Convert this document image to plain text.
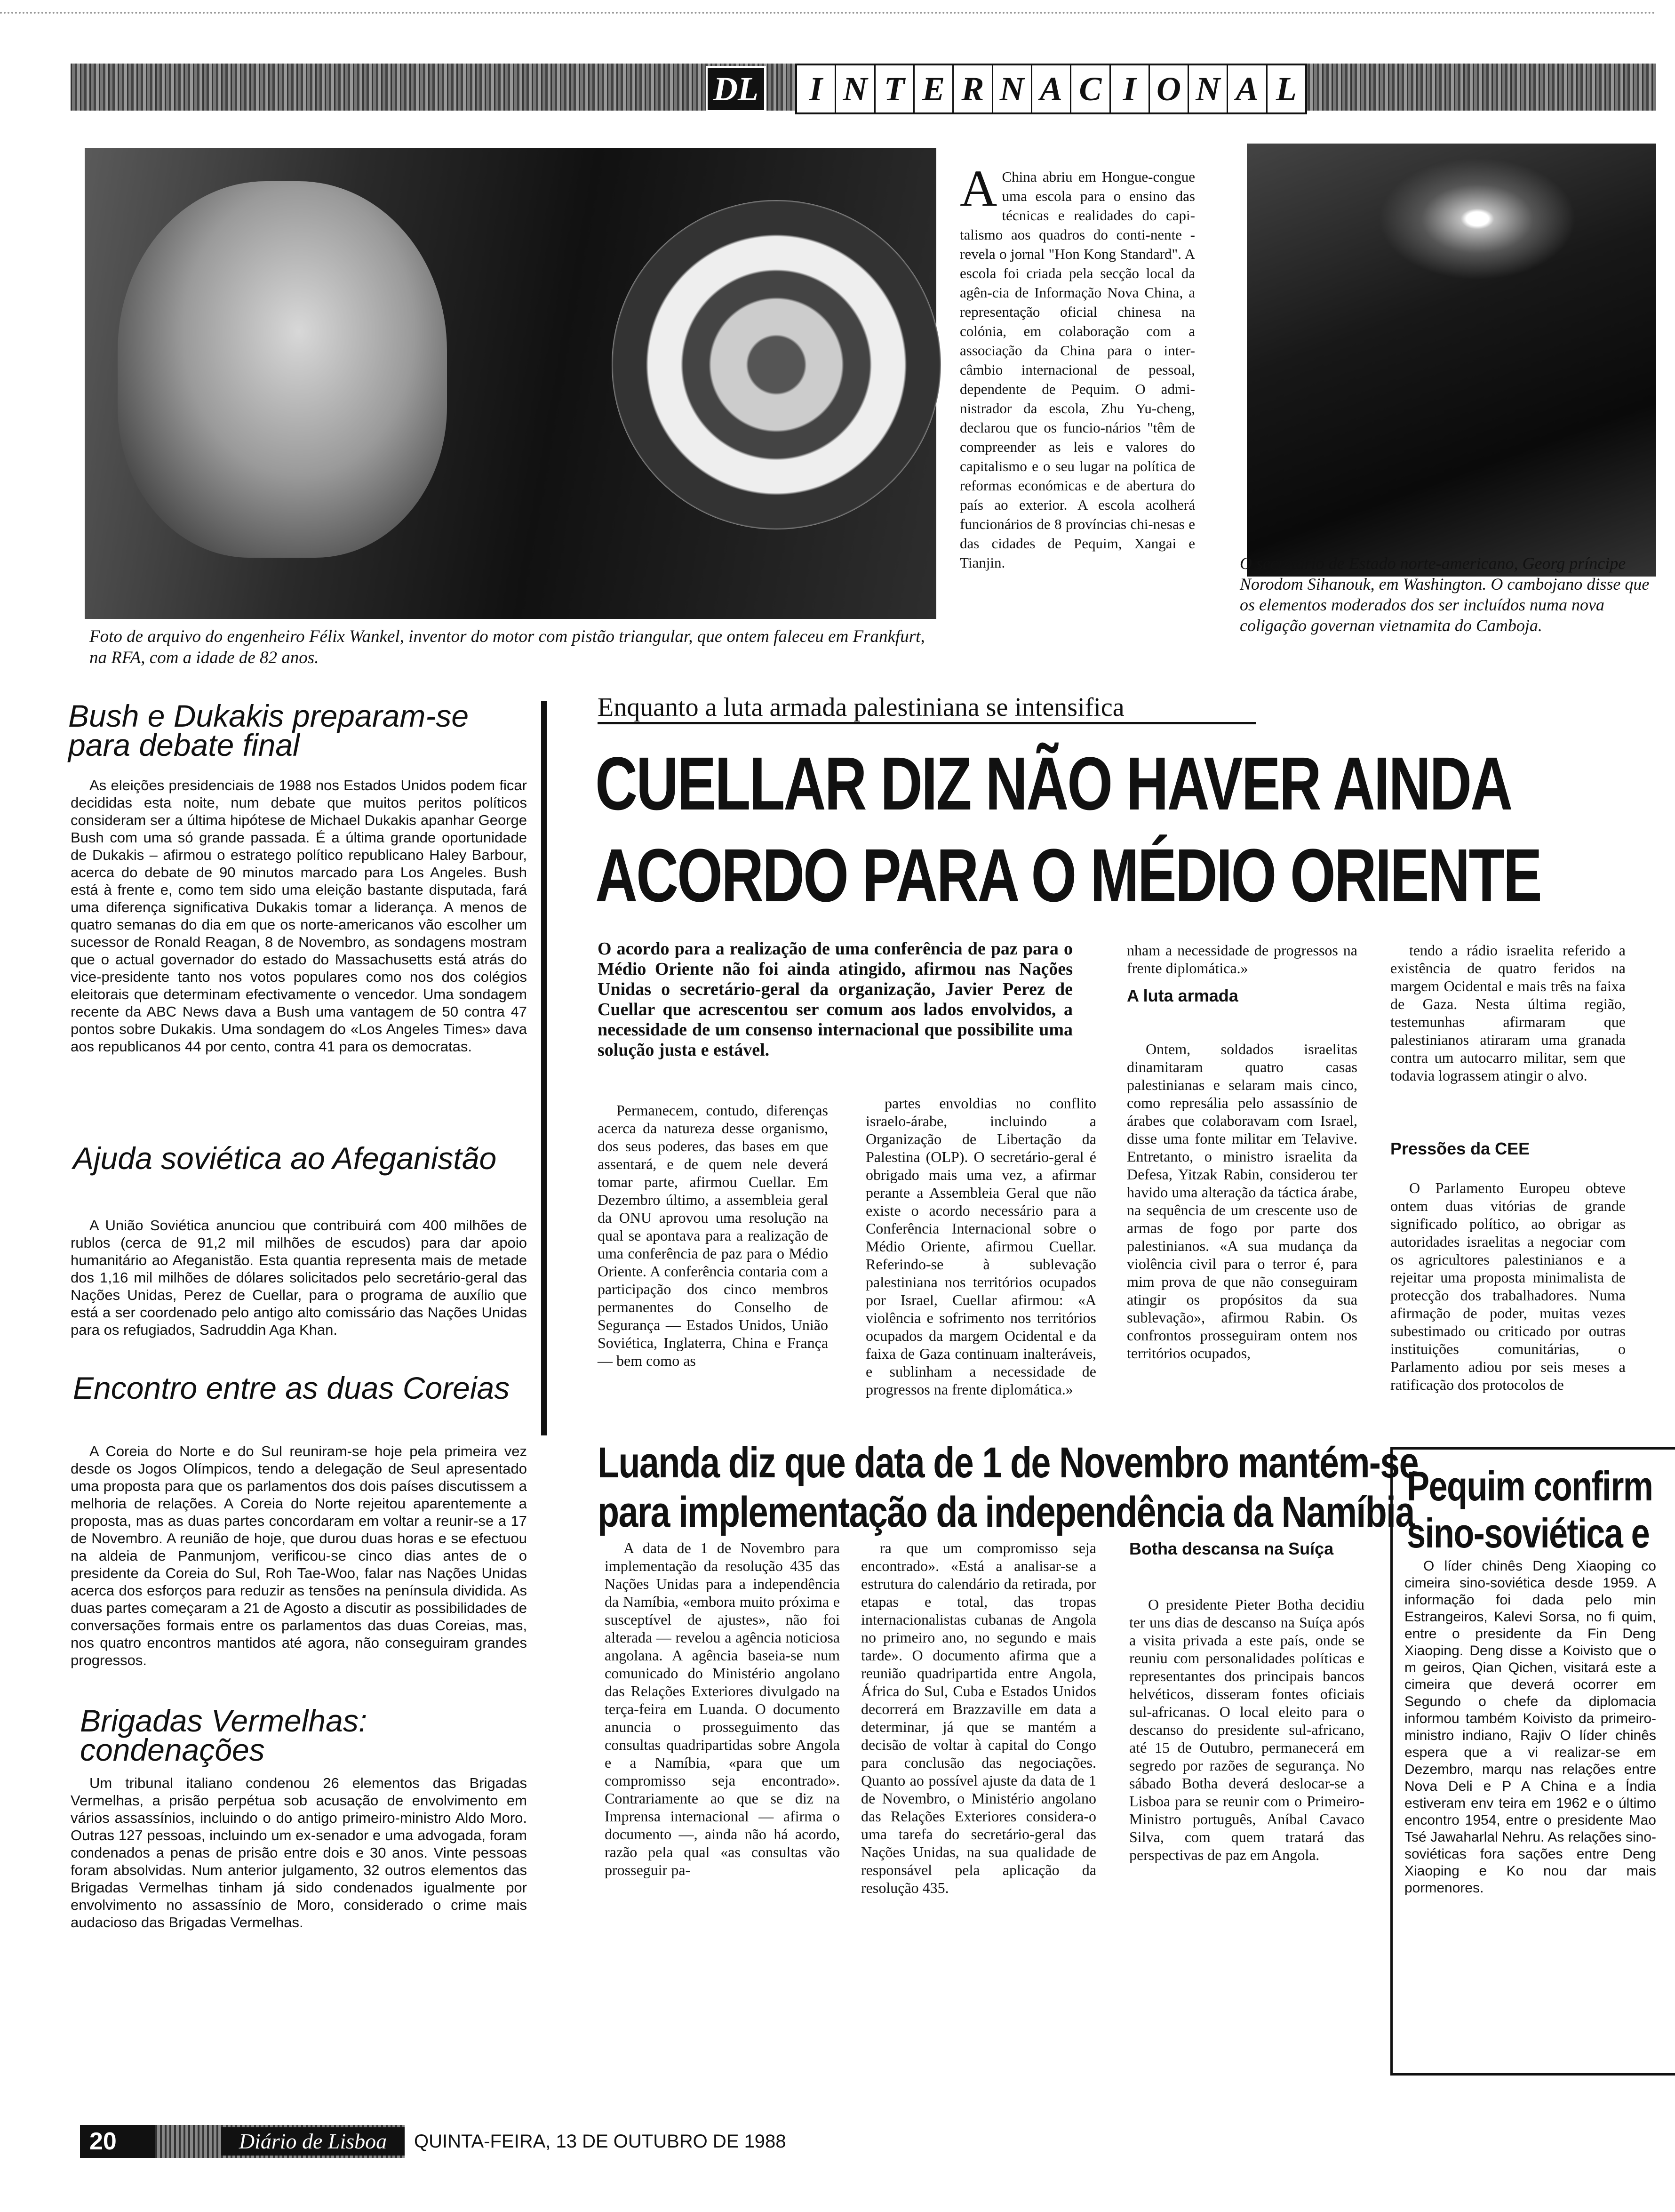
DL	I N T E R N A C I O N A L
Foto de arquivo do engenheiro Félix Wankel, inventor do motor com pistão triangular, que ontem faleceu em Frankfurt, na RFA, com a idade de 82 anos.
A China abriu em Hongue-congue uma escola para o ensino das técnicas e realidades do capi-talismo aos quadros do conti-nente - revela o jornal "Hon Kong Standard". A escola foi criada pela secção local da agên-cia de Informação Nova China, a representação oficial chinesa na colónia, em colaboração com a associação da China para o inter-câmbio internacional de pessoal, dependente de Pequim. O admi-nistrador da escola, Zhu Yu-cheng, declarou que os funcio-nários "têm de compreender as leis e valores do capitalismo e o seu lugar na política de reformas económicas e de abertura do país ao exterior. A escola acolherá funcionários de 8 províncias chi-nesas e das cidades de Pequim, Xangai e Tianjin.	O secretário de Estado norte-americano, Georg príncipe Norodom Sihanouk, em Washington. O cambojano disse que os elementos moderados dos ser incluídos numa nova coligação governan vietnamita do Camboja.
Bush e Dukakis preparam-se para debate final

As eleições presidenciais de 1988 nos Estados Unidos podem ficar decididas esta noite, num debate que muitos peritos políticos consideram ser a última hipótese de Michael Dukakis apanhar George Bush com uma só grande passada. É a última grande oportunidade de Dukakis – afirmou o estratego político republicano Haley Barbour, acerca do debate de 90 minutos marcado para Los Angeles. Bush está à frente e, como tem sido uma eleição bastante disputada, fará uma diferença significativa Dukakis tomar a liderança. A menos de quatro semanas do dia em que os norte-americanos vão escolher um sucessor de Ronald Reagan, 8 de Novembro, as sondagens mostram que o actual governador do estado do Massachusetts está atrás do vice-presidente tanto nos votos populares como nos dos colégios eleitorais que determinam efectivamente o vencedor. Uma sondagem recente da ABC News dava a Bush uma vantagem de 50 contra 47 pontos sobre Dukakis. Uma sondagem do «Los Angeles Times» dava aos republicanos 44 por cento, contra 41 para os democratas.

Ajuda soviética ao Afeganistão

A União Soviética anunciou que contribuirá com 400 milhões de rublos (cerca de 91,2 mil milhões de escudos) para dar apoio humanitário ao Afeganistão. Esta quantia representa mais de metade dos 1,16 mil milhões de dólares solicitados pelo secretário-geral das Nações Unidas, Perez de Cuellar, para o programa de auxílio que está a ser coordenado pelo antigo alto comissário das Nações Unidas para os refugiados, Sadruddin Aga Khan.

Encontro entre as duas Coreias

A Coreia do Norte e do Sul reuniram-se hoje pela primeira vez desde os Jogos Olímpicos, tendo a delegação de Seul apresentado uma proposta para que os parlamentos dos dois países discutissem a melhoria de relações. A Coreia do Norte rejeitou aparentemente a proposta, mas as duas partes concordaram em voltar a reunir-se a 17 de Novembro. A reunião de hoje, que durou duas horas e se efectuou na aldeia de Panmunjom, verificou-se cinco dias antes de o presidente da Coreia do Sul, Roh Tae-Woo, falar nas Nações Unidas acerca dos esforços para reduzir as tensões na península dividida. As duas partes começaram a 21 de Agosto a discutir as possibilidades de conversações formais entre os parlamentos das duas Coreias, mas, nos quatro encontros mantidos até agora, não conseguiram grandes progressos.

Brigadas Vermelhas: condenações

Um tribunal italiano condenou 26 elementos das Brigadas Vermelhas, a prisão perpétua sob acusação de envolvimento em vários assassínios, incluindo o do antigo primeiro-ministro Aldo Moro. Outras 127 pessoas, incluindo um ex-senador e uma advogada, foram condenados a penas de prisão entre dois e 30 anos. Vinte pessoas foram absolvidas. Num anterior julgamento, 32 outros elementos das Brigadas Vermelhas tinham já sido condenados igualmente por envolvimento no assassínio de Moro, considerado o crime mais audacioso das Brigadas Vermelhas.

Enquanto a luta armada palestiniana se intensifica
CUELLAR DIZ NÃO HAVER AINDA
ACORDO PARA O MÉDIO ORIENTE
O acordo para a realização de uma conferência de paz para o Médio Oriente não foi ainda atingido, afirmou nas Nações Unidas o secretário-geral da organização, Javier Perez de Cuellar que acrescentou ser comum aos lados envolvidos, a necessidade de um consenso internacional que possibilite uma solução justa e estável.

Permanecem, contudo, diferenças acerca da natureza desse organismo, dos seus poderes, das bases em que assentará, e de quem nele deverá tomar parte, afirmou Cuellar. Em Dezembro último, a assembleia geral da ONU aprovou uma resolução na qual se apontava para a realização de uma conferência de paz para o Médio Oriente. A conferência contaria com a participação dos cinco membros permanentes do Conselho de Segurança — Estados Unidos, União Soviética, Inglaterra, China e França — bem como as

partes envoldias no conflito israelo-árabe, incluindo a Organização de Libertação da Palestina (OLP). O secretário-geral é obrigado mais uma vez, a afirmar perante a Assembleia Geral que não existe o acordo necessário para a Conferência Internacional sobre o Médio Oriente, afirmou Cuellar. Referindo-se à sublevação palestiniana nos territórios ocupados por Israel, Cuellar afirmou: «A violência e sofrimento nos territórios ocupados da margem Ocidental e da faixa de Gaza continuam inalteráveis, e sublinham a necessidade de progressos na frente diplomática.»

nham a necessidade de progressos na frente diplomática.»
A luta armada

Ontem, soldados israelitas dinamitaram quatro casas palestinianas e selaram mais cinco, como represália pelo assassínio de árabes que colaboravam com Israel, disse uma fonte militar em Telavive. Entretanto, o ministro israelita da Defesa, Yitzak Rabin, considerou ter havido uma alteração da táctica árabe, na sequência de um crescente uso de armas de fogo por parte dos palestinianos. «A sua mudança da violência civil para o terror é, para mim prova de que não conseguiram atingir os propósitos da sua sublevação», afirmou Rabin. Os confrontos prosseguiram ontem nos territórios ocupados,

tendo a rádio israelita referido a existência de quatro feridos na margem Ocidental e mais três na faixa de Gaza. Nesta última região, testemunhas afirmaram que palestinianos atiraram uma granada contra um autocarro militar, sem que todavia lograssem atingir o alvo.

Pressões da CEE

O Parlamento Europeu obteve ontem duas vitórias de grande significado político, ao obrigar as autoridades israelitas a negociar com os agricultores palestinianos e a rejeitar uma proposta minimalista de protecção dos trabalhadores. Numa afirmação de poder, muitas vezes subestimado ou criticado por outras instituições comunitárias, o Parlamento adiou por seis meses a ratificação dos protocolos de

Luanda diz que data de 1 de Novembro mantém-se
para implementação da independência da Namíbia

A data de 1 de Novembro para implementação da resolução 435 das Nações Unidas para a independência da Namíbia, «embora muito próxima e susceptível de ajustes», não foi alterada — revelou a agência noticiosa angolana. A agência baseia-se num comunicado do Ministério angolano das Relações Exteriores divulgado na terça-feira em Luanda. O documento anuncia o prosseguimento das consultas quadripartidas sobre Angola e a Namíbia, «para que um compromisso seja encontrado». Contrariamente ao que se diz na Imprensa internacional — afirma o documento —, ainda não há acordo, razão pela qual «as consultas vão prosseguir pa-

ra que um compromisso seja encontrado». «Está a analisar-se a estrutura do calendário da retirada, por etapas e total, das tropas internacionalistas cubanas de Angola no primeiro ano, no segundo e mais tarde». O documento afirma que a reunião quadripartida entre Angola, África do Sul, Cuba e Estados Unidos decorrerá em Brazzaville em data a determinar, já que se mantém a decisão de voltar à capital do Congo para conclusão das negociações. Quanto ao possível ajuste da data de 1 de Novembro, o Ministério angolano das Relações Exteriores considera-o uma tarefa do secretário-geral das Nações Unidas, na sua qualidade de responsável pela aplicação da resolução 435.

Botha descansa na Suíça

O presidente Pieter Botha decidiu ter uns dias de descanso na Suíça após a visita privada a este país, onde se reuniu com personalidades políticas e representantes dos principais bancos helvéticos, disseram fontes oficiais sul-africanas. O local eleito para o descanso do presidente sul-africano, até 15 de Outubro, permanecerá em segredo por razões de segurança. No sábado Botha deverá deslocar-se a Lisboa para se reunir com o Primeiro-Ministro português, Aníbal Cavaco Silva, com quem tratará das perspectivas de paz em Angola.

Pequim confirm
sino-soviética e

O líder chinês Deng Xiaoping co cimeira sino-soviética desde 1959. A informação foi dada pelo min Estrangeiros, Kalevi Sorsa, no fi quim, entre o presidente da Fin Deng Xiaoping. Deng disse a Koivisto que o m geiros, Qian Qichen, visitará este a cimeira que deverá ocorrer em Segundo o chefe da diplomacia informou também Koivisto da primeiro-ministro indiano, Rajiv O líder chinês espera que a vi realizar-se em Dezembro, marqu nas relações entre Nova Deli e P A China e a Índia estiveram env teira em 1962 e o último encontro 1954, entre o presidente Mao Tsé Jawaharlal Nehru. As relações sino-soviéticas fora sações entre Deng Xiaoping e Ko nou dar mais pormenores.

20	Diário de Lisboa	QUINTA-FEIRA, 13 DE OUTUBRO DE 1988
